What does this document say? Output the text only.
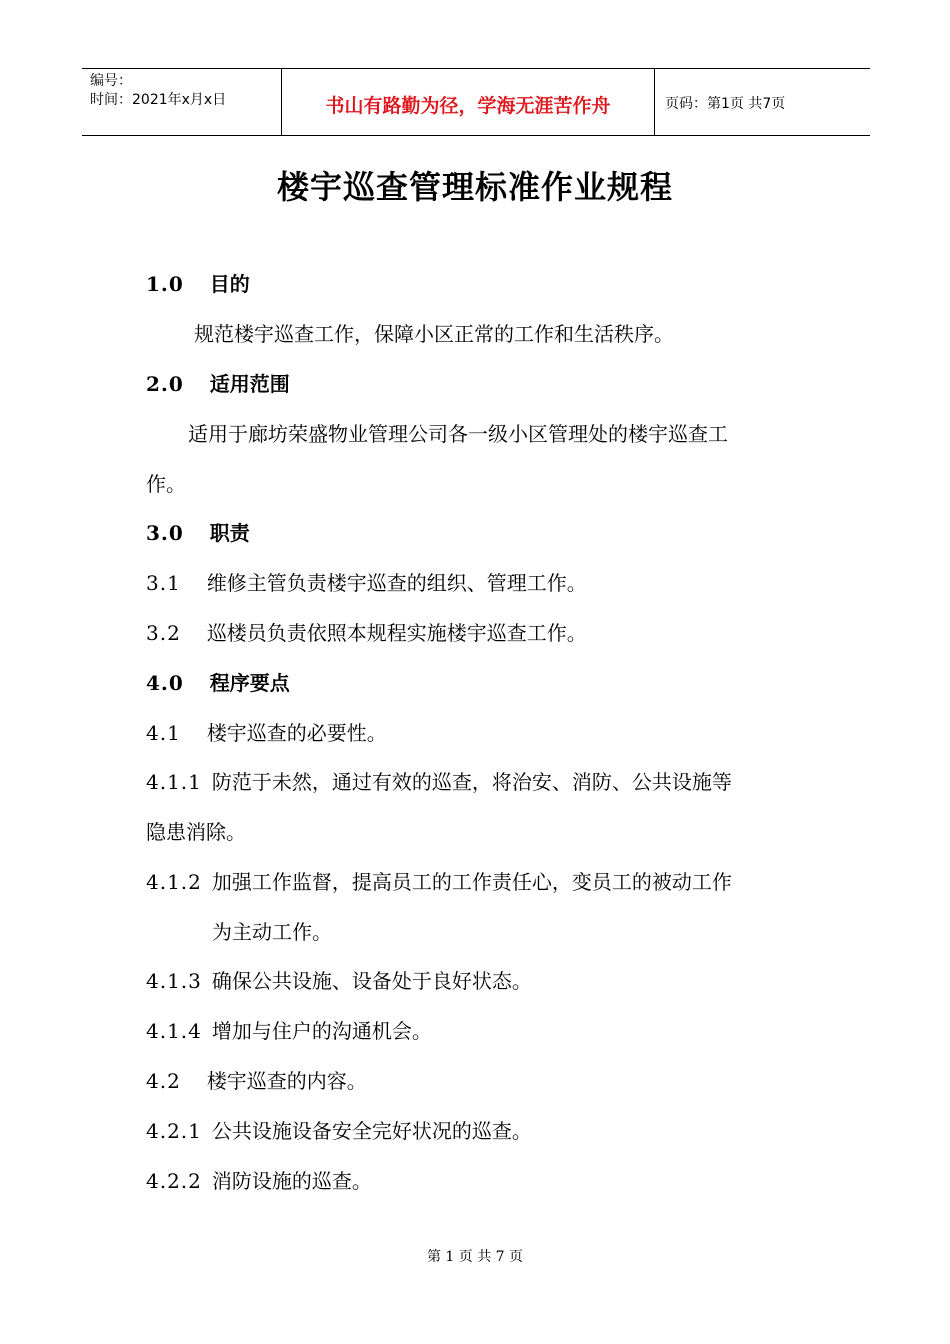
编号：
时间：2021年x月x日	书山有路勤为径，学海无涯苦作舟	页码：第1页 共7页
楼宇巡查管理标准作业规程
1.0 目的
规范楼宇巡查工作，保障小区正常的工作和生活秩序。
2.0 适用范围
适用于廊坊荣盛物业管理公司各一级小区管理处的楼宇巡查工
作。
3.0 职责
3.1 维修主管负责楼宇巡查的组织、管理工作。
3.2 巡楼员负责依照本规程实施楼宇巡查工作。
4.0 程序要点
4.1 楼宇巡查的必要性。
4.1.1 防范于未然，通过有效的巡查，将治安、消防、公共设施等
隐患消除。
4.1.2 加强工作监督，提高员工的工作责任心，变员工的被动工作
为主动工作。
4.1.3 确保公共设施、设备处于良好状态。
4.1.4 增加与住户的沟通机会。
4.2 楼宇巡查的内容。
4.2.1 公共设施设备安全完好状况的巡查。
4.2.2 消防设施的巡查。
第 1 页 共 7 页
